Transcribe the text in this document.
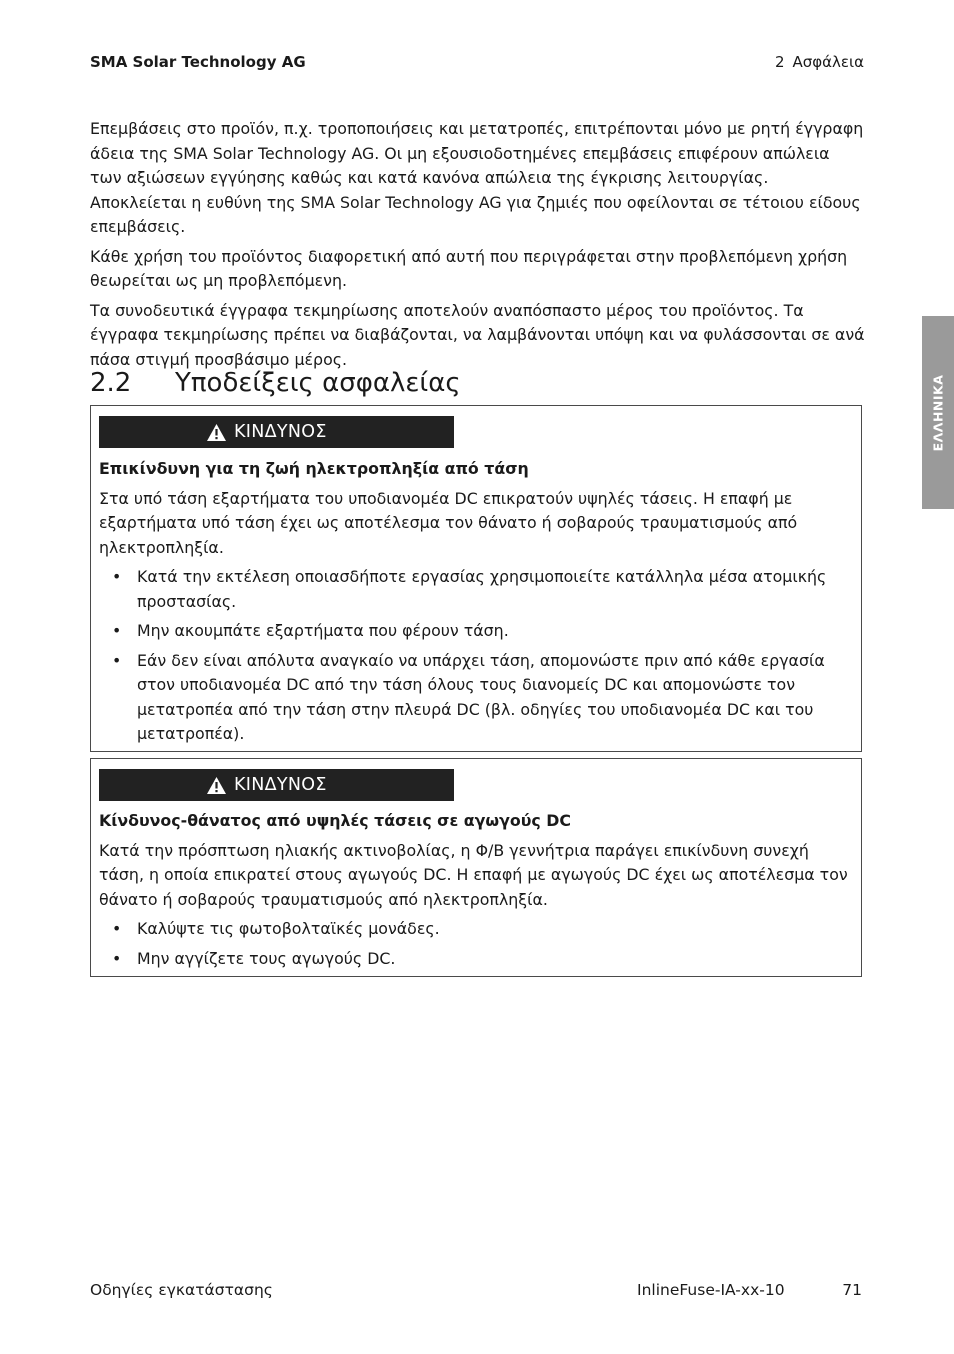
SMA Solar Technology AG	2 Ασφάλεια
ΕΛΛΗΝΙΚΑ

Επεμβάσεις στο προϊόν, π.χ. τροποποιήσεις και μετατροπές, επιτρέπονται μόνο με ρητή έγγραφη άδεια της SMA Solar Technology AG. Οι μη εξουσιοδοτημένες επεμβάσεις επιφέρουν απώλεια των αξιώσεων εγγύησης καθώς και κατά κανόνα απώλεια της έγκρισης λειτουργίας. Αποκλείεται η ευθύνη της SMA Solar Technology AG για ζημιές που οφείλονται σε τέτοιου είδους επεμβάσεις.

Κάθε χρήση του προϊόντος διαφορετική από αυτή που περιγράφεται στην προβλεπόμενη χρήση θεωρείται ως μη προβλεπόμενη.

Τα συνοδευτικά έγγραφα τεκμηρίωσης αποτελούν αναπόσπαστο μέρος του προϊόντος. Τα έγγραφα τεκμηρίωσης πρέπει να διαβάζονται, να λαμβάνονται υπόψη και να φυλάσσονται σε ανά πάσα στιγμή προσβάσιμο μέρος.

2.2 Υποδείξεις ασφαλείας
ΚΙΝΔΥΝΟΣ

Επικίνδυνη για τη ζωή ηλεκτροπληξία από τάση

Στα υπό τάση εξαρτήματα του υποδιανομέα DC επικρατούν υψηλές τάσεις. Η επαφή με εξαρτήματα υπό τάση έχει ως αποτέλεσμα τον θάνατο ή σοβαρούς τραυματισμούς από ηλεκτροπληξία.

• Κατά την εκτέλεση οποιασδήποτε εργασίας χρησιμοποιείτε κατάλληλα μέσα ατομικής προστασίας.
• Μην ακουμπάτε εξαρτήματα που φέρουν τάση.
• Εάν δεν είναι απόλυτα αναγκαίο να υπάρχει τάση, απομονώστε πριν από κάθε εργασία στον υποδιανομέα DC από την τάση όλους τους διανομείς DC και απομονώστε τον μετατροπέα από την τάση στην πλευρά DC (βλ. οδηγίες του υποδιανομέα DC και του μετατροπέα).
ΚΙΝΔΥΝΟΣ

Κίνδυνος-θάνατος από υψηλές τάσεις σε αγωγούς DC

Κατά την πρόσπτωση ηλιακής ακτινοβολίας, η Φ/Β γεννήτρια παράγει επικίνδυνη συνεχή τάση, η οποία επικρατεί στους αγωγούς DC. Η επαφή με αγωγούς DC έχει ως αποτέλεσμα τον θάνατο ή σοβαρούς τραυματισμούς από ηλεκτροπληξία.

• Καλύψτε τις φωτοβολταϊκές μονάδες.
• Μην αγγίζετε τους αγωγούς DC.
Οδηγίες εγκατάστασης	InlineFuse-IA-xx-10	71
